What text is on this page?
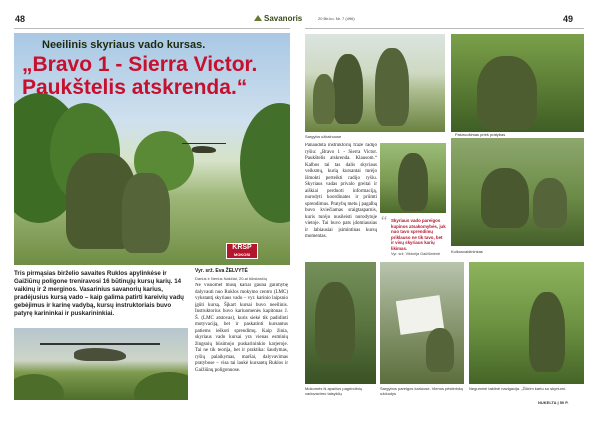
48	Savanoris	20 Bir.ko. Nr. 7 (496)	49
Neeilinis skyriaus vado kursas.
„Bravo 1 - Sierra Victor.
Paukštelis atskrenda.“
KRSP
MOKOSI
Tris pirmąsias birželio savaites Ruklos apylinkėse ir Gaižiūnų poligone treniravosi 16 būtinųjų kursų karių. 14 vaikinų ir 2 merginos. Vasarinius savanorių karius, pradėjusius kursą vado – kaip galima patirti kareivių vadų gebėjimus ir karinę vadybą, kursų instruktoriais buvo patyrę karininkai ir puskarininkiai.
Vyr. srž. Eva ŽELVYTĖ
Darius ir Nerius Nakčiai, 20-ai tūkstančių
Ne visuomet mūsų kariai gauna galimybę dalyvauti nuo Ruklos mokymo centro (LMC) vykstantį skyriaus vado – vyr. karinio laipsnio įgūti kursą. Šįkart kursai buvo neeilinis. Instruktorius buvo kariuomenės kapitonas J. Š. (LMC atstovas), kuris siekė tik padidinti motyvaciją, bet ir paskatinti kursantus patiems ieškoti sprendimų. Kaip žinia, skyriaus vado kursai yra vienas esminių žingsnių būsimojo puskarininkio karjeroje. Tai ne tik teorija, bet ir praktika: šaudymas, ryšių palaikymas, maršai, dalyvavimas pratybose – visa tai laukė kursantų Ruklos ir Gaižiūnų poligonuose.
Sargyba užkalnuose	Pasiruošimas prieš pratybas
Panaudota instruktorių frazė radijo ryšiu: „Bravo 1 - Sierra Victor. Paukštelis atskrenda. Klausom.“ Kalbos tai tas dalis skyriaus veiksmų, kurią kursantai turėjo išmokti perteikti radijo ryšiu. Skyriaus vadas privalo greitai ir aiškiai perduoti informaciją, nurodyti koordinates ir priimti sprendimus. Pratybų metu į pagalbą buvo kviečiamas sraigtasparnis, kuris turėjo nusileisti nurodytoje vietoje. Tai buvo pats įdomiausias ir labiausiai įsimintinas kursų momentas.
“ Skyriaus vado pareigos kupinos atsakomybės, juk nuo tavo sprendimų priklauso ne tik tavo, bet ir visų skyriaus karių likimas.
Vyr. srž. Viktorija Gaižiūnienė	Kulkosvaidininkas
Mokomės iš apačios pagrindinių vadovavimo taisyklių
Sargybos pareigos kariuose. Vienos pėstininkų užduotys
Neguminė taktinė navigacija. „Žiūrim kartu su skyriumi.
NUKELTA Į 50 P.
